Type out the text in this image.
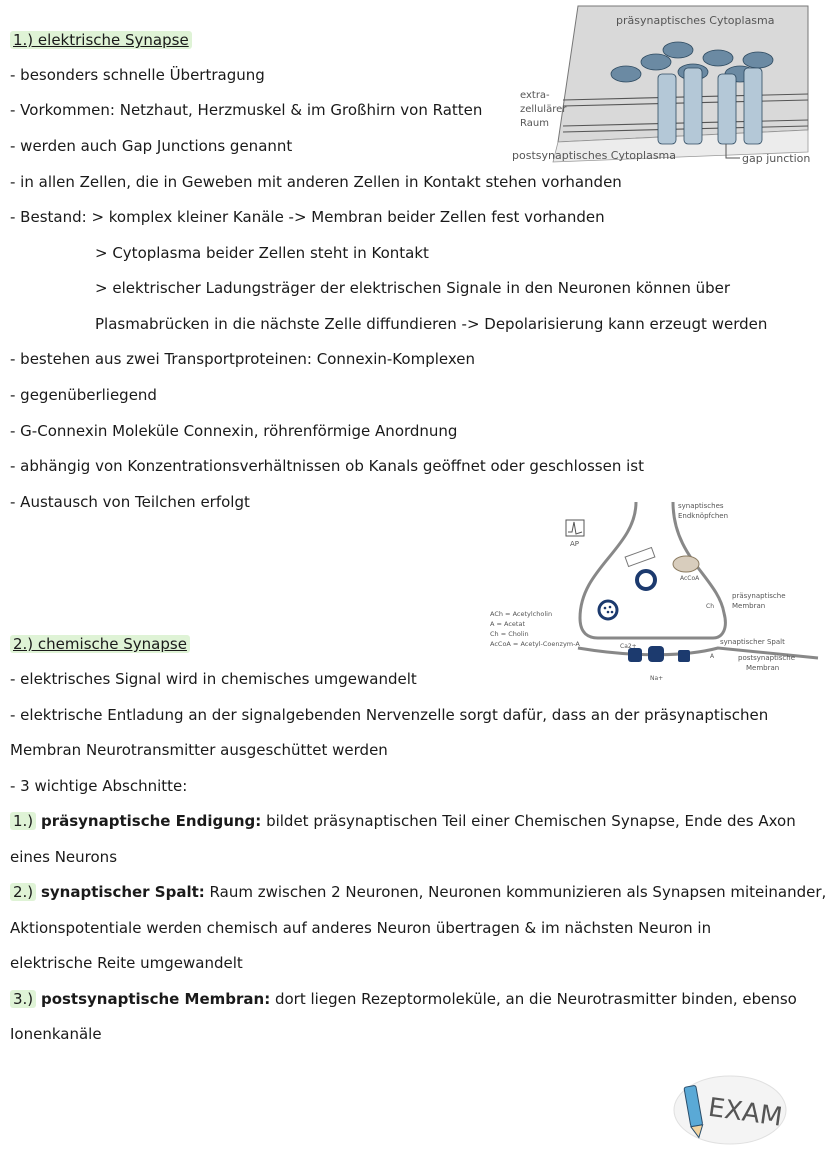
1.) elektrische Synapse
- besonders schnelle Übertragung
- Vorkommen: Netzhaut, Herzmuskel & im Großhirn von Ratten
- werden auch Gap Junctions genannt
- in allen Zellen, die in Geweben mit anderen Zellen in Kontakt stehen vorhanden
- Bestand: > komplex kleiner Kanäle -> Membran beider Zellen fest vorhanden
> Cytoplasma beider Zellen steht in Kontakt
> elektrischer Ladungsträger der elektrischen Signale in den Neuronen können über
Plasmabrücken in die nächste Zelle diffundieren -> Depolarisierung kann erzeugt werden
- bestehen aus zwei Transportproteinen: Connexin-Komplexen
- gegenüberliegend
- G-Connexin Moleküle Connexin, röhrenförmige Anordnung
- abhängig von Konzentrationsverhältnissen ob Kanals geöffnet oder geschlossen ist
- Austausch von Teilchen erfolgt
präsynaptisches Cytoplasma
extra-
zellulärer
Raum
postsynaptisches Cytoplasma	gap junction
AP
synaptisches
Endknöpfchen
AcCoA
präsynaptische
Membran
synaptischer Spalt
postsynaptische
Membran
ACh = Acetylcholin
A = Acetat
Ch = Cholin
AcCoA = Acetyl-Coenzym-A	Ca2+
Na+
Ch
A
2.) chemische Synapse
- elektrisches Signal wird in chemisches umgewandelt
- elektrische Entladung an der signalgebenden Nervenzelle sorgt dafür, dass an der präsynaptischen
Membran Neurotransmitter ausgeschüttet werden
- 3 wichtige Abschnitte:
1.) präsynaptische Endigung: bildet präsynaptischen Teil einer Chemischen Synapse, Ende des Axon
eines Neurons
2.) synaptischer Spalt: Raum zwischen 2 Neuronen, Neuronen kommunizieren als Synapsen miteinander,
Aktionspotentiale werden chemisch auf anderes Neuron übertragen & im nächsten Neuron in
elektrische Reite umgewandelt
3.) postsynaptische Membran: dort liegen Rezeptormoleküle, an die Neurotrasmitter binden, ebenso
Ionenkanäle
EXAM
